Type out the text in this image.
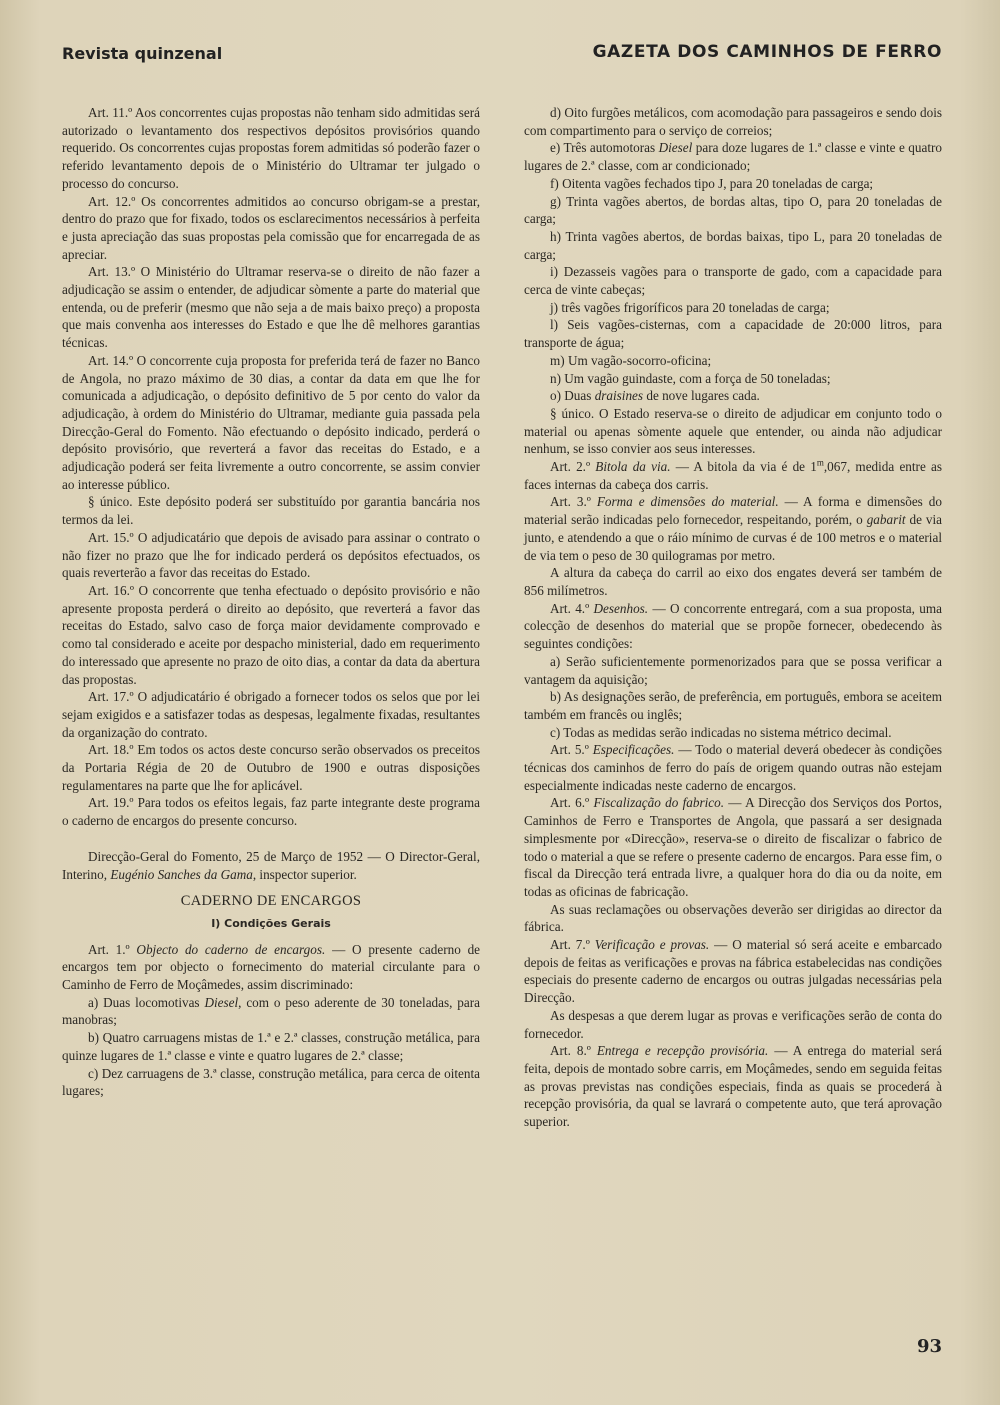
Revista quinzenal	GAZETA DOS CAMINHOS DE FERRO

Art. 11.º Aos concorrentes cujas propostas não tenham sido admitidas será autorizado o levantamento dos respectivos depósitos provisórios quando requerido. Os concorrentes cujas propostas forem admitidas só poderão fazer o referido levantamento depois de o Ministério do Ultramar ter julgado o processo do concurso.

Art. 12.º Os concorrentes admitidos ao concurso obrigam-se a prestar, dentro do prazo que for fixado, todos os esclarecimentos necessários à perfeita e justa apreciação das suas propostas pela comissão que for encarregada de as apreciar.

Art. 13.º O Ministério do Ultramar reserva-se o direito de não fazer a adjudicação se assim o entender, de adjudicar sòmente a parte do material que entenda, ou de preferir (mesmo que não seja a de mais baixo preço) a proposta que mais convenha aos interesses do Estado e que lhe dê melhores garantias técnicas.

Art. 14.º O concorrente cuja proposta for preferida terá de fazer no Banco de Angola, no prazo máximo de 30 dias, a contar da data em que lhe for comunicada a adjudicação, o depósito definitivo de 5 por cento do valor da adjudicação, à ordem do Ministério do Ultramar, mediante guia passada pela Direcção-Geral do Fomento. Não efectuando o depósito indicado, perderá o depósito provisório, que reverterá a favor das receitas do Estado, e a adjudicação poderá ser feita livremente a outro concorrente, se assim convier ao interesse público.

§ único. Este depósito poderá ser substituído por garantia bancária nos termos da lei.

Art. 15.º O adjudicatário que depois de avisado para assinar o contrato o não fizer no prazo que lhe for indicado perderá os depósitos efectuados, os quais reverterão a favor das receitas do Estado.

Art. 16.º O concorrente que tenha efectuado o depósito provisório e não apresente proposta perderá o direito ao depósito, que reverterá a favor das receitas do Estado, salvo caso de força maior devidamente comprovado e como tal considerado e aceite por despacho ministerial, dado em requerimento do interessado que apresente no prazo de oito dias, a contar da data da abertura das propostas.

Art. 17.º O adjudicatário é obrigado a fornecer todos os selos que por lei sejam exigidos e a satisfazer todas as despesas, legalmente fixadas, resultantes da organização do contrato.

Art. 18.º Em todos os actos deste concurso serão observados os preceitos da Portaria Régia de 20 de Outubro de 1900 e outras disposições regulamentares na parte que lhe for aplicável.

Art. 19.º Para todos os efeitos legais, faz parte integrante deste programa o caderno de encargos do presente concurso.

Direcção-Geral do Fomento, 25 de Março de 1952 — O Director-Geral, Interino, Eugénio Sanches da Gama, inspector superior.

CADERNO DE ENCARGOS

I) Condições Gerais

Art. 1.º Objecto do caderno de encargos. — O presente caderno de encargos tem por objecto o fornecimento do material circulante para o Caminho de Ferro de Moçâmedes, assim discriminado:

a) Duas locomotivas Diesel, com o peso aderente de 30 toneladas, para manobras;

b) Quatro carruagens mistas de 1.ª e 2.ª classes, construção metálica, para quinze lugares de 1.ª classe e vinte e quatro lugares de 2.ª classe;

c) Dez carruagens de 3.ª classe, construção metálica, para cerca de oitenta lugares;

d) Oito furgões metálicos, com acomodação para passageiros e sendo dois com compartimento para o serviço de correios;

e) Três automotoras Diesel para doze lugares de 1.ª classe e vinte e quatro lugares de 2.ª classe, com ar condicionado;

f) Oitenta vagões fechados tipo J, para 20 toneladas de carga;

g) Trinta vagões abertos, de bordas altas, tipo O, para 20 toneladas de carga;

h) Trinta vagões abertos, de bordas baixas, tipo L, para 20 toneladas de carga;

i) Dezasseis vagões para o transporte de gado, com a capacidade para cerca de vinte cabeças;

j) três vagões frigoríficos para 20 toneladas de carga;

l) Seis vagões-cisternas, com a capacidade de 20:000 litros, para transporte de água;

m) Um vagão-socorro-oficina;

n) Um vagão guindaste, com a força de 50 toneladas;

o) Duas draisines de nove lugares cada.

§ único. O Estado reserva-se o direito de adjudicar em conjunto todo o material ou apenas sòmente aquele que entender, ou ainda não adjudicar nenhum, se isso convier aos seus interesses.

Art. 2.º Bitola da via. — A bitola da via é de 1$^m$,067, medida entre as faces internas da cabeça dos carris.

Art. 3.º Forma e dimensões do material. — A forma e dimensões do material serão indicadas pelo fornecedor, respeitando, porém, o gabarit de via junto, e atendendo a que o ráio mínimo de curvas é de 100 metros e o material de via tem o peso de 30 quilogramas por metro.

A altura da cabeça do carril ao eixo dos engates deverá ser também de 856 milímetros.

Art. 4.º Desenhos. — O concorrente entregará, com a sua proposta, uma colecção de desenhos do material que se propõe fornecer, obedecendo às seguintes condições:

a) Serão suficientemente pormenorizados para que se possa verificar a vantagem da aquisição;

b) As designações serão, de preferência, em português, embora se aceitem também em francês ou inglês;

c) Todas as medidas serão indicadas no sistema métrico decimal.

Art. 5.º Especificações. — Todo o material deverá obedecer às condições técnicas dos caminhos de ferro do país de origem quando outras não estejam especialmente indicadas neste caderno de encargos.

Art. 6.º Fiscalização do fabrico. — A Direcção dos Serviços dos Portos, Caminhos de Ferro e Transportes de Angola, que passará a ser designada simplesmente por «Direcção», reserva-se o direito de fiscalizar o fabrico de todo o material a que se refere o presente caderno de encargos. Para esse fim, o fiscal da Direcção terá entrada livre, a qualquer hora do dia ou da noite, em todas as oficinas de fabricação.

As suas reclamações ou observações deverão ser dirigidas ao director da fábrica.

Art. 7.º Verificação e provas. — O material só será aceite e embarcado depois de feitas as verificações e provas na fábrica estabelecidas nas condições especiais do presente caderno de encargos ou outras julgadas necessárias pela Direcção.

As despesas a que derem lugar as provas e verificações serão de conta do fornecedor.

Art. 8.º Entrega e recepção provisória. — A entrega do material será feita, depois de montado sobre carris, em Moçâmedes, sendo em seguida feitas as provas previstas nas condições especiais, finda as quais se procederá à recepção provisória, da qual se lavrará o competente auto, que terá aprovação superior.

93
